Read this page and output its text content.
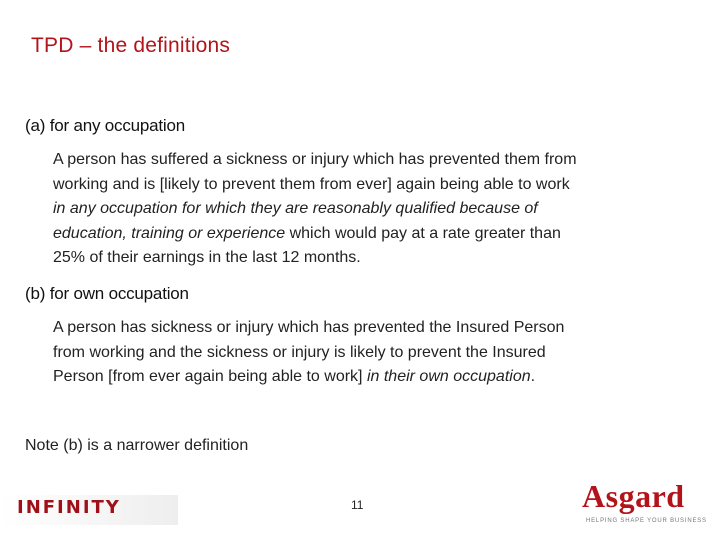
TPD – the definitions
(a) for any occupation

A person has suffered a sickness or injury which has prevented them from

working and is [likely to prevent them from ever] again being able to work

in any occupation for which they are reasonably qualified because of

education, training or experience which would pay at a rate greater than

25% of their earnings in the last 12 months.

(b) for own occupation

A person has sickness or injury which has prevented the Insured Person

from working and the sickness or injury is likely to prevent the Insured

Person [from ever again being able to work] in their own occupation.

Note (b) is a narrower definition
INFINITY	11	Asgard
HELPING SHAPE YOUR BUSINESS
